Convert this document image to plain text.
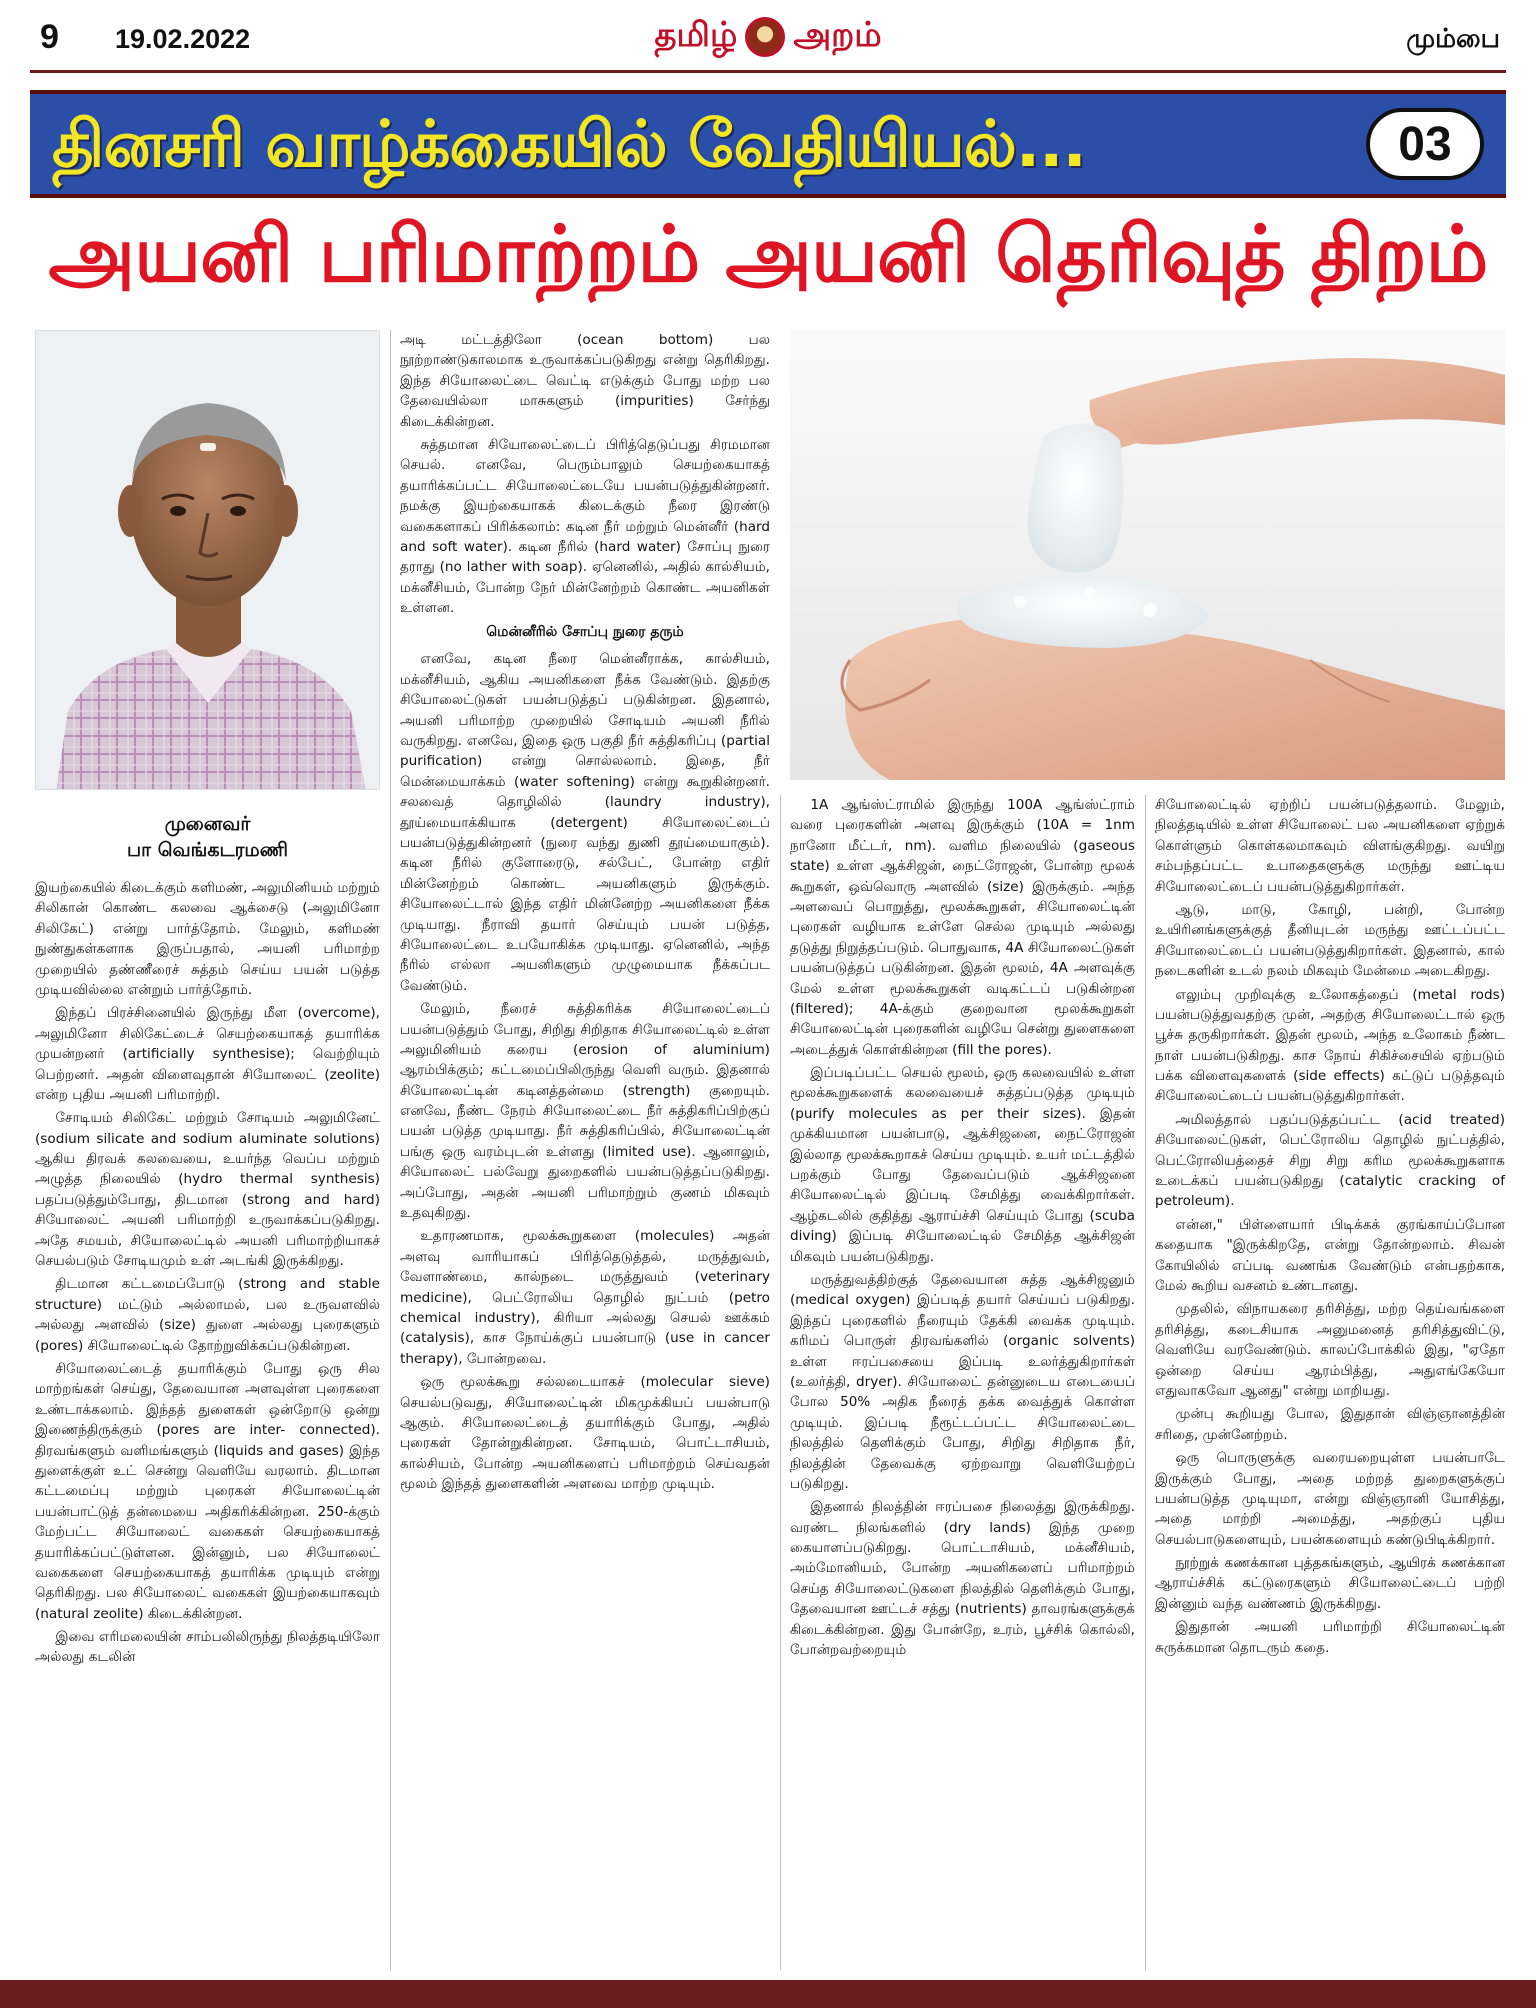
9 19.02.2022	தமிழ் அறம்	மும்பை
தினசரி வாழ்க்கையில் வேதியியல்...	03
அயனி பரிமாற்றம் அயனி தெரிவுத் திறம்
முனைவர்
பா வெங்கடரமணி

இயற்கையில் கிடைக்கும் களிமண், அலுமினியம் மற்றும் சிலிகான் கொண்ட கலவை ஆக்சைடு (அலுமினோ சிலிகேட்) என்று பார்த்தோம். மேலும், களிமண் நுண்துகள்களாக இருப்பதால், அயனி பரிமாற்ற முறையில் தண்ணீரைச் சுத்தம் செய்ய பயன் படுத்த முடியவில்லை என்றும் பார்த்தோம்.

இந்தப் பிரச்சினையில் இருந்து மீள (overcome), அலுமினோ சிலிகேட்டைச் செயற்கையாகத் தயாரிக்க முயன்றனர் (artificially synthesise); வெற்றியும் பெற்றனர். அதன் விளைவுதான் சியோலைட் (zeolite) என்ற புதிய அயனி பரிமாற்றி.

சோடியம் சிலிகேட் மற்றும் சோடியம் அலுமினேட் (sodium silicate and sodium aluminate solutions) ஆகிய திரவக் கலவையை, உயர்ந்த வெப்ப மற்றும் அழுத்த நிலையில் (hydro thermal synthesis) பதப்படுத்தும்போது, திடமான (strong and hard) சியோலைட் அயனி பரிமாற்றி உருவாக்கப்படுகிறது. அதே சமயம், சியோலைட்டில் அயனி பரிமாற்றியாகச் செயல்படும் சோடியமும் உள் அடங்கி இருக்கிறது.

திடமான கட்டமைப்போடு (strong and stable structure) மட்டும் அல்லாமல், பல உருவளவில் அல்லது அளவில் (size) துளை அல்லது புரைகளும் (pores) சியோலைட்டில் தோற்றுவிக்கப்படுகின்றன.

சியோலைட்டைத் தயாரிக்கும் போது ஒரு சில மாற்றங்கள் செய்து, தேவையான அளவுள்ள புரைகளை உண்டாக்கலாம். இந்தத் துளைகள் ஒன்றோடு ஒன்று இணைந்திருக்கும் (pores are inter- connected). திரவங்களும் வளிமங்களும் (liquids and gases) இந்த துளைக்குள் உட் சென்று வெளியே வரலாம். திடமான கட்டமைப்பு மற்றும் புரைகள் சியோலைட்டின் பயன்பாட்டுத் தன்மையை அதிகரிக்கின்றன. 250-க்கும் மேற்பட்ட சியோலைட் வகைகள் செயற்கையாகத் தயாரிக்கப்பட்டுள்ளன. இன்னும், பல சியோலைட் வகைகளை செயற்கையாகத் தயாரிக்க முடியும் என்று தெரிகிறது. பல சியோலைட் வகைகள் இயற்கையாகவும் (natural zeolite) கிடைக்கின்றன.

இவை எரிமலையின் சாம்பலிலிருந்து நிலத்தடியிலோ அல்லது கடலின்

அடி மட்டத்திலோ (ocean bottom) பல நூற்றாண்டுகாலமாக உருவாக்கப்படுகிறது என்று தெரிகிறது. இந்த சியோலைட்டை வெட்டி எடுக்கும் போது மற்ற பல தேவையில்லா மாசுகளும் (impurities) சேர்ந்து கிடைக்கின்றன.

சுத்தமான சியோலைட்டைப் பிரித்தெடுப்பது சிரமமான செயல். எனவே, பெரும்பாலும் செயற்கையாகத் தயாரிக்கப்பட்ட சியோலைட்டையே பயன்படுத்துகின்றனர். நமக்கு இயற்கையாகக் கிடைக்கும் நீரை இரண்டு வகைகளாகப் பிரிக்கலாம்: கடின நீர் மற்றும் மென்னீர் (hard and soft water). கடின நீரில் (hard water) சோப்பு நுரை தராது (no lather with soap). ஏனெனில், அதில் கால்சியம், மக்னீசியம், போன்ற நேர் மின்னேற்றம் கொண்ட அயனிகள் உள்ளன.

மென்னீரில் சோப்பு நுரை தரும்

எனவே, கடின நீரை மென்னீராக்க, கால்சியம், மக்னீசியம், ஆகிய அயனிகளை நீக்க வேண்டும். இதற்கு சியோலைட்டுகள் பயன்படுத்தப் படுகின்றன. இதனால், அயனி பரிமாற்ற முறையில் சோடியம் அயனி நீரில் வருகிறது. எனவே, இதை ஒரு பகுதி நீர் சுத்திகரிப்பு (partial purification) என்று சொல்லலாம். இதை, நீர் மென்மையாக்கம் (water softening) என்று கூறுகின்றனர். சலவைத் தொழிலில் (laundry industry), தூய்மையாக்கியாக (detergent) சியோலைட்டைப் பயன்படுத்துகின்றனர் (நுரை வந்து துணி தூய்மையாகும்). கடின நீரில் குளோரைடு, சல்பேட், போன்ற எதிர் மின்னேற்றம் கொண்ட அயனிகளும் இருக்கும். சியோலைட்டால் இந்த எதிர் மின்னேற்ற அயனிகளை நீக்க முடியாது. நீராவி தயார் செய்யும் பயன் படுத்த, சியோலைட்டை உபயோகிக்க முடியாது. ஏனெனில், அந்த நீரில் எல்லா அயனிகளும் முழுமையாக நீக்கப்பட வேண்டும்.

மேலும், நீரைச் சுத்திகரிக்க சியோலைட்டைப் பயன்படுத்தும் போது, சிறிது சிறிதாக சியோலைட்டில் உள்ள அலுமினியம் கரைய (erosion of aluminium) ஆரம்பிக்கும்; கட்டமைப்பிலிருந்து வெளி வரும். இதனால் சியோலைட்டின் கடினத்தன்மை (strength) குறையும். எனவே, நீண்ட நேரம் சியோலைட்டை நீர் சுத்திகரிப்பிற்குப் பயன் படுத்த முடியாது. நீர் சுத்திகரிப்பில், சியோலைட்டின் பங்கு ஒரு வரம்புடன் உள்ளது (limited use). ஆனாலும், சியோலைட் பல்வேறு துறைகளில் பயன்படுத்தப்படுகிறது. அப்போது, அதன் அயனி பரிமாற்றும் குணம் மிகவும் உதவுகிறது.

உதாரணமாக, மூலக்கூறுகளை (molecules) அதன் அளவு வாரியாகப் பிரித்தெடுத்தல், மருத்துவம், வேளாண்மை, கால்நடை மருத்துவம் (veterinary medicine), பெட்ரோலிய தொழில் நுட்பம் (petro chemical industry), கிரியா அல்லது செயல் ஊக்கம் (catalysis), காச நோய்க்குப் பயன்பாடு (use in cancer therapy), போன்றவை.

ஒரு மூலக்கூறு சல்லடையாகச் (molecular sieve) செயல்படுவது, சியோலைட்டின் மிகமுக்கியப் பயன்பாடு ஆகும். சியோலைட்டைத் தயாரிக்கும் போது, அதில் புரைகள் தோன்றுகின்றன. சோடியம், பொட்டாசியம், கால்சியம், போன்ற அயனிகளைப் பரிமாற்றம் செய்வதன் மூலம் இந்தத் துளைகளின் அளவை மாற்ற முடியும்.

1A ஆங்ஸ்ட்ராமில் இருந்து 100A ஆங்ஸ்ட்ராம் வரை புரைகளின் அளவு இருக்கும் (10A = 1nm நானோ மீட்டர், nm). வளிம நிலையில் (gaseous state) உள்ள ஆக்சிஜன், நைட்ரோஜன், போன்ற மூலக் கூறுகள், ஒவ்வொரு அளவில் (size) இருக்கும். அந்த அளவைப் பொறுத்து, மூலக்கூறுகள், சியோலைட்டின் புரைகள் வழியாக உள்ளே செல்ல முடியும் அல்லது தடுத்து நிறுத்தப்படும். பொதுவாக, 4A சியோலைட்டுகள் பயன்படுத்தப் படுகின்றன. இதன் மூலம், 4A அளவுக்கு மேல் உள்ள மூலக்கூறுகள் வடிகட்டப் படுகின்றன (filtered); 4A-க்கும் குறைவான மூலக்கூறுகள் சியோலைட்டின் புரைகளின் வழியே சென்று துளைகளை அடைத்துக் கொள்கின்றன (fill the pores).

இப்படிப்பட்ட செயல் மூலம், ஒரு கலவையில் உள்ள மூலக்கூறுகளைக் கலவையைச் சுத்தப்படுத்த முடியும் (purify molecules as per their sizes). இதன் முக்கியமான பயன்பாடு, ஆக்சிஜனை, நைட்ரோஜன் இல்லாத மூலக்கூறாகச் செய்ய முடியும். உயர் மட்டத்தில் பறக்கும் போது தேவைப்படும் ஆக்சிஜனை சியோலைட்டில் இப்படி சேமித்து வைக்கிறார்கள். ஆழ்கடலில் குதித்து ஆராய்ச்சி செய்யும் போது (scuba diving) இப்படி சியோலைட்டில் சேமித்த ஆக்சிஜன் மிகவும் பயன்படுகிறது.

மருத்துவத்திற்குத் தேவையான சுத்த ஆக்சிஜனும் (medical oxygen) இப்படித் தயார் செய்யப் படுகிறது. இந்தப் புரைகளில் நீரையும் தேக்கி வைக்க முடியும். கரிமப் பொருள் திரவங்களில் (organic solvents) உள்ள ஈரப்பசையை இப்படி உலர்த்துகிறார்கள் (உலர்த்தி, dryer). சியோலைட் தன்னுடைய எடையைப் போல 50% அதிக நீரைத் தக்க வைத்துக் கொள்ள முடியும். இப்படி நீரூட்டப்பட்ட சியோலைட்டை நிலத்தில் தெளிக்கும் போது, சிறிது சிறிதாக நீர், நிலத்தின் தேவைக்கு ஏற்றவாறு வெளியேற்றப் படுகிறது.

இதனால் நிலத்தின் ஈரப்பசை நிலைத்து இருக்கிறது. வரண்ட நிலங்களில் (dry lands) இந்த முறை கையாளப்படுகிறது. பொட்டாசியம், மக்னீசியம், அம்மோனியம், போன்ற அயனிகளைப் பரிமாற்றம் செய்த சியோலைட்டுகளை நிலத்தில் தெளிக்கும் போது, தேவையான ஊட்டச் சத்து (nutrients) தாவரங்களுக்குக் கிடைக்கின்றன. இது போன்றே, உரம், பூச்சிக் கொல்லி, போன்றவற்றையும்

சியோலைட்டில் ஏற்றிப் பயன்படுத்தலாம். மேலும், நிலத்தடியில் உள்ள சியோலைட் பல அயனிகளை ஏற்றுக் கொள்ளும் கொள்கலமாகவும் விளங்குகிறது. வயிறு சம்பந்தப்பட்ட உபாதைகளுக்கு மருந்து ஊட்டிய சியோலைட்டைப் பயன்படுத்துகிறார்கள்.

ஆடு, மாடு, கோழி, பன்றி, போன்ற உயிரினங்களுக்குத் தீனியுடன் மருந்து ஊட்டப்பட்ட சியோலைட்டைப் பயன்படுத்துகிறார்கள். இதனால், கால் நடைகளின் உடல் நலம் மிகவும் மேன்மை அடைகிறது.

எலும்பு முறிவுக்கு உலோகத்தைப் (metal rods) பயன்படுத்துவதற்கு முன், அதற்கு சியோலைட்டால் ஒரு பூச்சு தருகிறார்கள். இதன் மூலம், அந்த உலோகம் நீண்ட நாள் பயன்படுகிறது. காச நோய் சிகிச்சையில் ஏற்படும் பக்க விளைவுகளைக் (side effects) கட்டுப் படுத்தவும் சியோலைட்டைப் பயன்படுத்துகிறார்கள்.

அமிலத்தால் பதப்படுத்தப்பட்ட (acid treated) சியோலைட்டுகள், பெட்ரோலிய தொழில் நுட்பத்தில், பெட்ரோலியத்தைச் சிறு சிறு கரிம மூலக்கூறுகளாக உடைக்கப் பயன்படுகிறது (catalytic cracking of petroleum).

என்ன," பிள்ளையார் பிடிக்கக் குரங்காய்ப்போன கதையாக "இருக்கிறதே, என்று தோன்றலாம். சிவன் கோயிலில் எப்படி வணங்க வேண்டும் என்பதற்காக, மேல் கூறிய வசனம் உண்டானது.

முதலில், விநாயகரை தரிசித்து, மற்ற தெய்வங்களை தரிசித்து, கடைசியாக அனுமனைத் தரிசித்துவிட்டு, வெளியே வரவேண்டும். காலப்போக்கில் இது, "ஏதோ ஒன்றை செய்ய ஆரம்பித்து, அதுஎங்கேயோ எதுவாகவோ ஆனது" என்று மாறியது.

முன்பு கூறியது போல, இதுதான் விஞ்ஞானத்தின் சரிதை, முன்னேற்றம்.

ஒரு பொருளுக்கு வரையறையுள்ள பயன்பாடே இருக்கும் போது, அதை மற்றத் துறைகளுக்குப் பயன்படுத்த முடியுமா, என்று விஞ்ஞானி யோசித்து, அதை மாற்றி அமைத்து, அதற்குப் புதிய செயல்பாடுகளையும், பயன்களையும் கண்டுபிடிக்கிறார்.

நூற்றுக் கணக்கான புத்தகங்களும், ஆயிரக் கணக்கான ஆராய்ச்சிக் கட்டுரைகளும் சியோலைட்டைப் பற்றி இன்னும் வந்த வண்ணம் இருக்கிறது.

இதுதான் அயனி பரிமாற்றி சியோலைட்டின் சுருக்கமான தொடரும் கதை.
